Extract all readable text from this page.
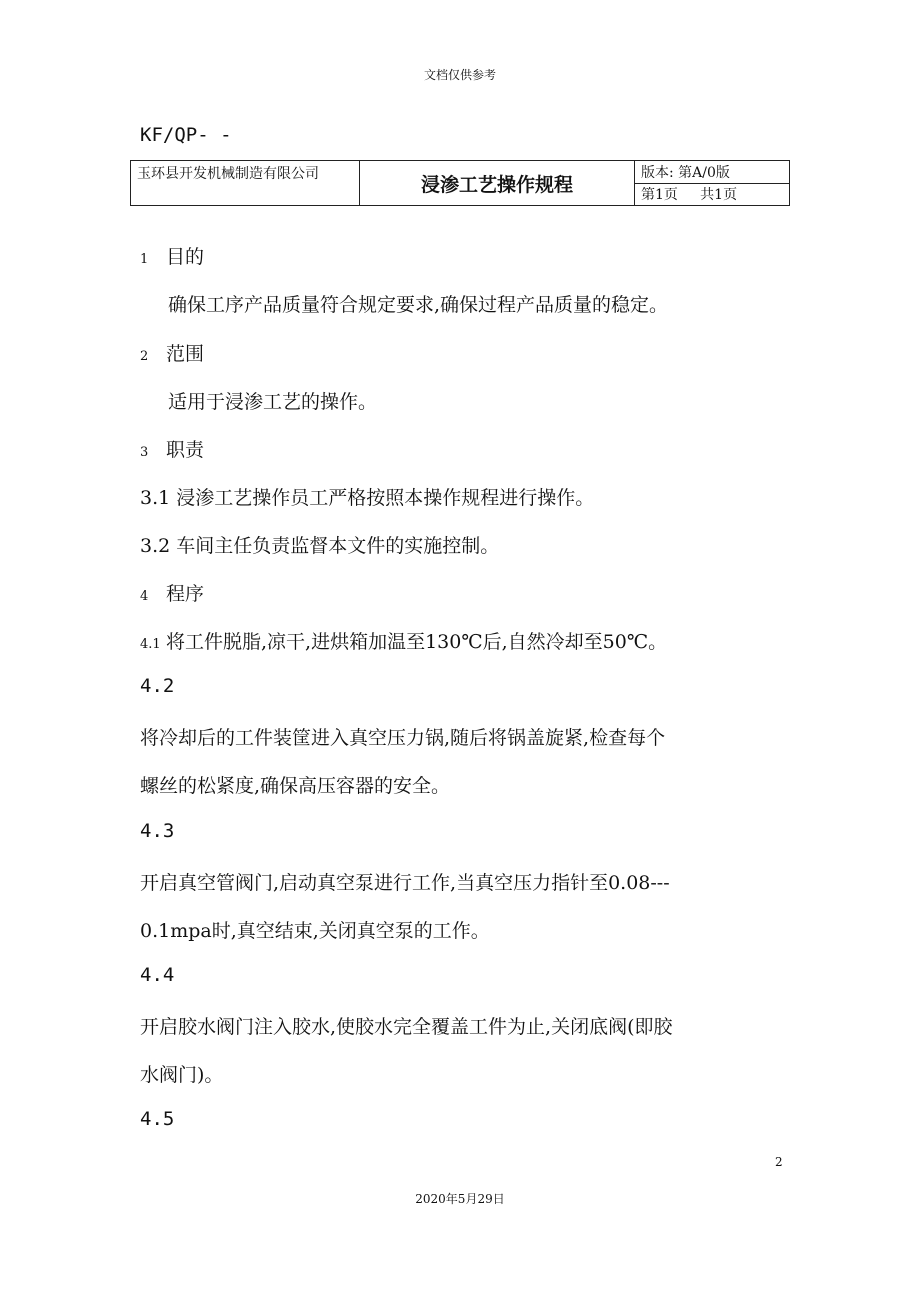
文档仅供参考
KF/QP- -
玉环县开发机械制造有限公司	浸渗工艺操作规程	版本: 第A/0版
第1页     共1页
1 目的
确保工序产品质量符合规定要求,确保过程产品质量的稳定。
2 范围
适用于浸渗工艺的操作。
3 职责
3.1 浸渗工艺操作员工严格按照本操作规程进行操作。
3.2 车间主任负责监督本文件的实施控制。
4 程序
4.1 将工件脱脂,凉干,进烘箱加温至130℃后,自然冷却至50℃。
4.2
将冷却后的工件装筐进入真空压力锅,随后将锅盖旋紧,检查每个
螺丝的松紧度,确保高压容器的安全。
4.3
开启真空管阀门,启动真空泵进行工作,当真空压力指针至0.08---
0.1mpa时,真空结束,关闭真空泵的工作。
4.4
开启胶水阀门注入胶水,使胶水完全覆盖工件为止,关闭底阀(即胶
水阀门)。
4.5
2
2020年5月29日
